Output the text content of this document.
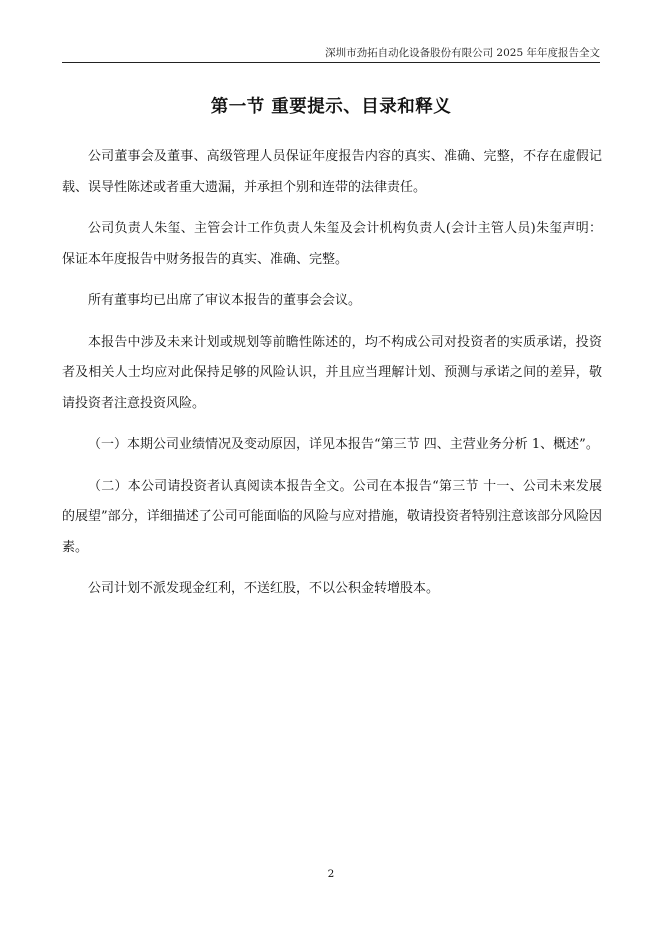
深圳市劲拓自动化设备股份有限公司 2025 年年度报告全文
第一节 重要提示、目录和释义

公司董事会及董事、高级管理人员保证年度报告内容的真实、准确、完整，不存在虚假记载、误导性陈述或者重大遗漏，并承担个别和连带的法律责任。

公司负责人朱玺、主管会计工作负责人朱玺及会计机构负责人(会计主管人员)朱玺声明：保证本年度报告中财务报告的真实、准确、完整。

所有董事均已出席了审议本报告的董事会会议。

本报告中涉及未来计划或规划等前瞻性陈述的，均不构成公司对投资者的实质承诺，投资者及相关人士均应对此保持足够的风险认识，并且应当理解计划、预测与承诺之间的差异，敬请投资者注意投资风险。

（一）本期公司业绩情况及变动原因，详见本报告“第三节 四、主营业务分析 1、概述”。

（二）本公司请投资者认真阅读本报告全文。公司在本报告“第三节 十一、公司未来发展的展望”部分，详细描述了公司可能面临的风险与应对措施，敬请投资者特别注意该部分风险因素。

公司计划不派发现金红利，不送红股，不以公积金转增股本。

2
